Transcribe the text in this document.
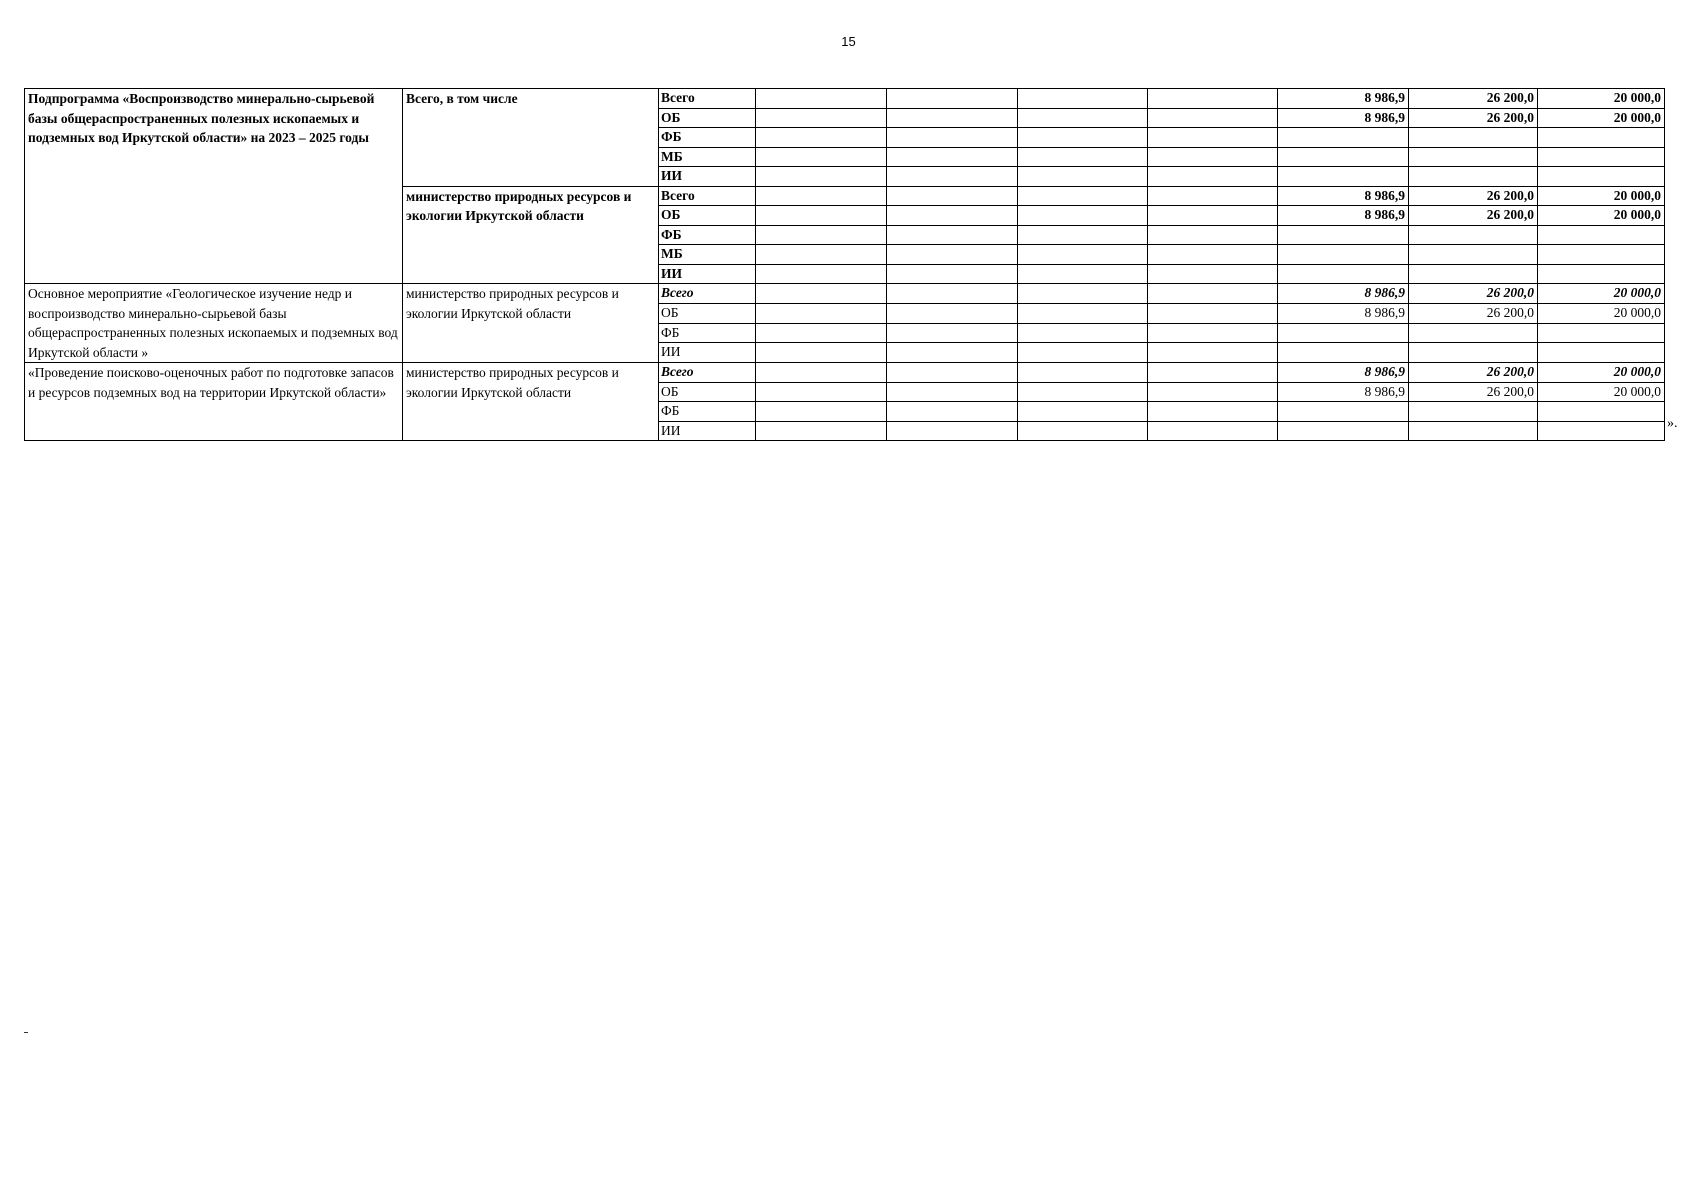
15
Подпрограмма «Воспроизводство минерально-сырьевой базы общераспространенных полезных ископаемых и подземных вод Иркутской области» на 2023 – 2025 годы	Всего, в том числе	Всего					8 986,9	26 200,0	20 000,0
		ОБ					8 986,9	26 200,0	20 000,0
		ФБ							
		МБ							
		ИИ							
	министерство природных ресурсов и экологии Иркутской области	Всего					8 986,9	26 200,0	20 000,0
		ОБ					8 986,9	26 200,0	20 000,0
		ФБ							
		МБ							
		ИИ							
Основное мероприятие «Геологическое изучение недр и воспроизводство минерально-сырьевой базы общераспространенных полезных ископаемых и подземных вод Иркутской области »	министерство природных ресурсов и экологии Иркутской области	Всего					8 986,9	26 200,0	20 000,0
		ОБ					8 986,9	26 200,0	20 000,0
		ФБ							
		ИИ							
«Проведение поисково-оценочных работ по подготовке запасов и ресурсов подземных вод на территории Иркутской области»	министерство природных ресурсов и экологии Иркутской области	Всего					8 986,9	26 200,0	20 000,0
		ОБ					8 986,9	26 200,0	20 000,0
		ФБ							
		ИИ								».
